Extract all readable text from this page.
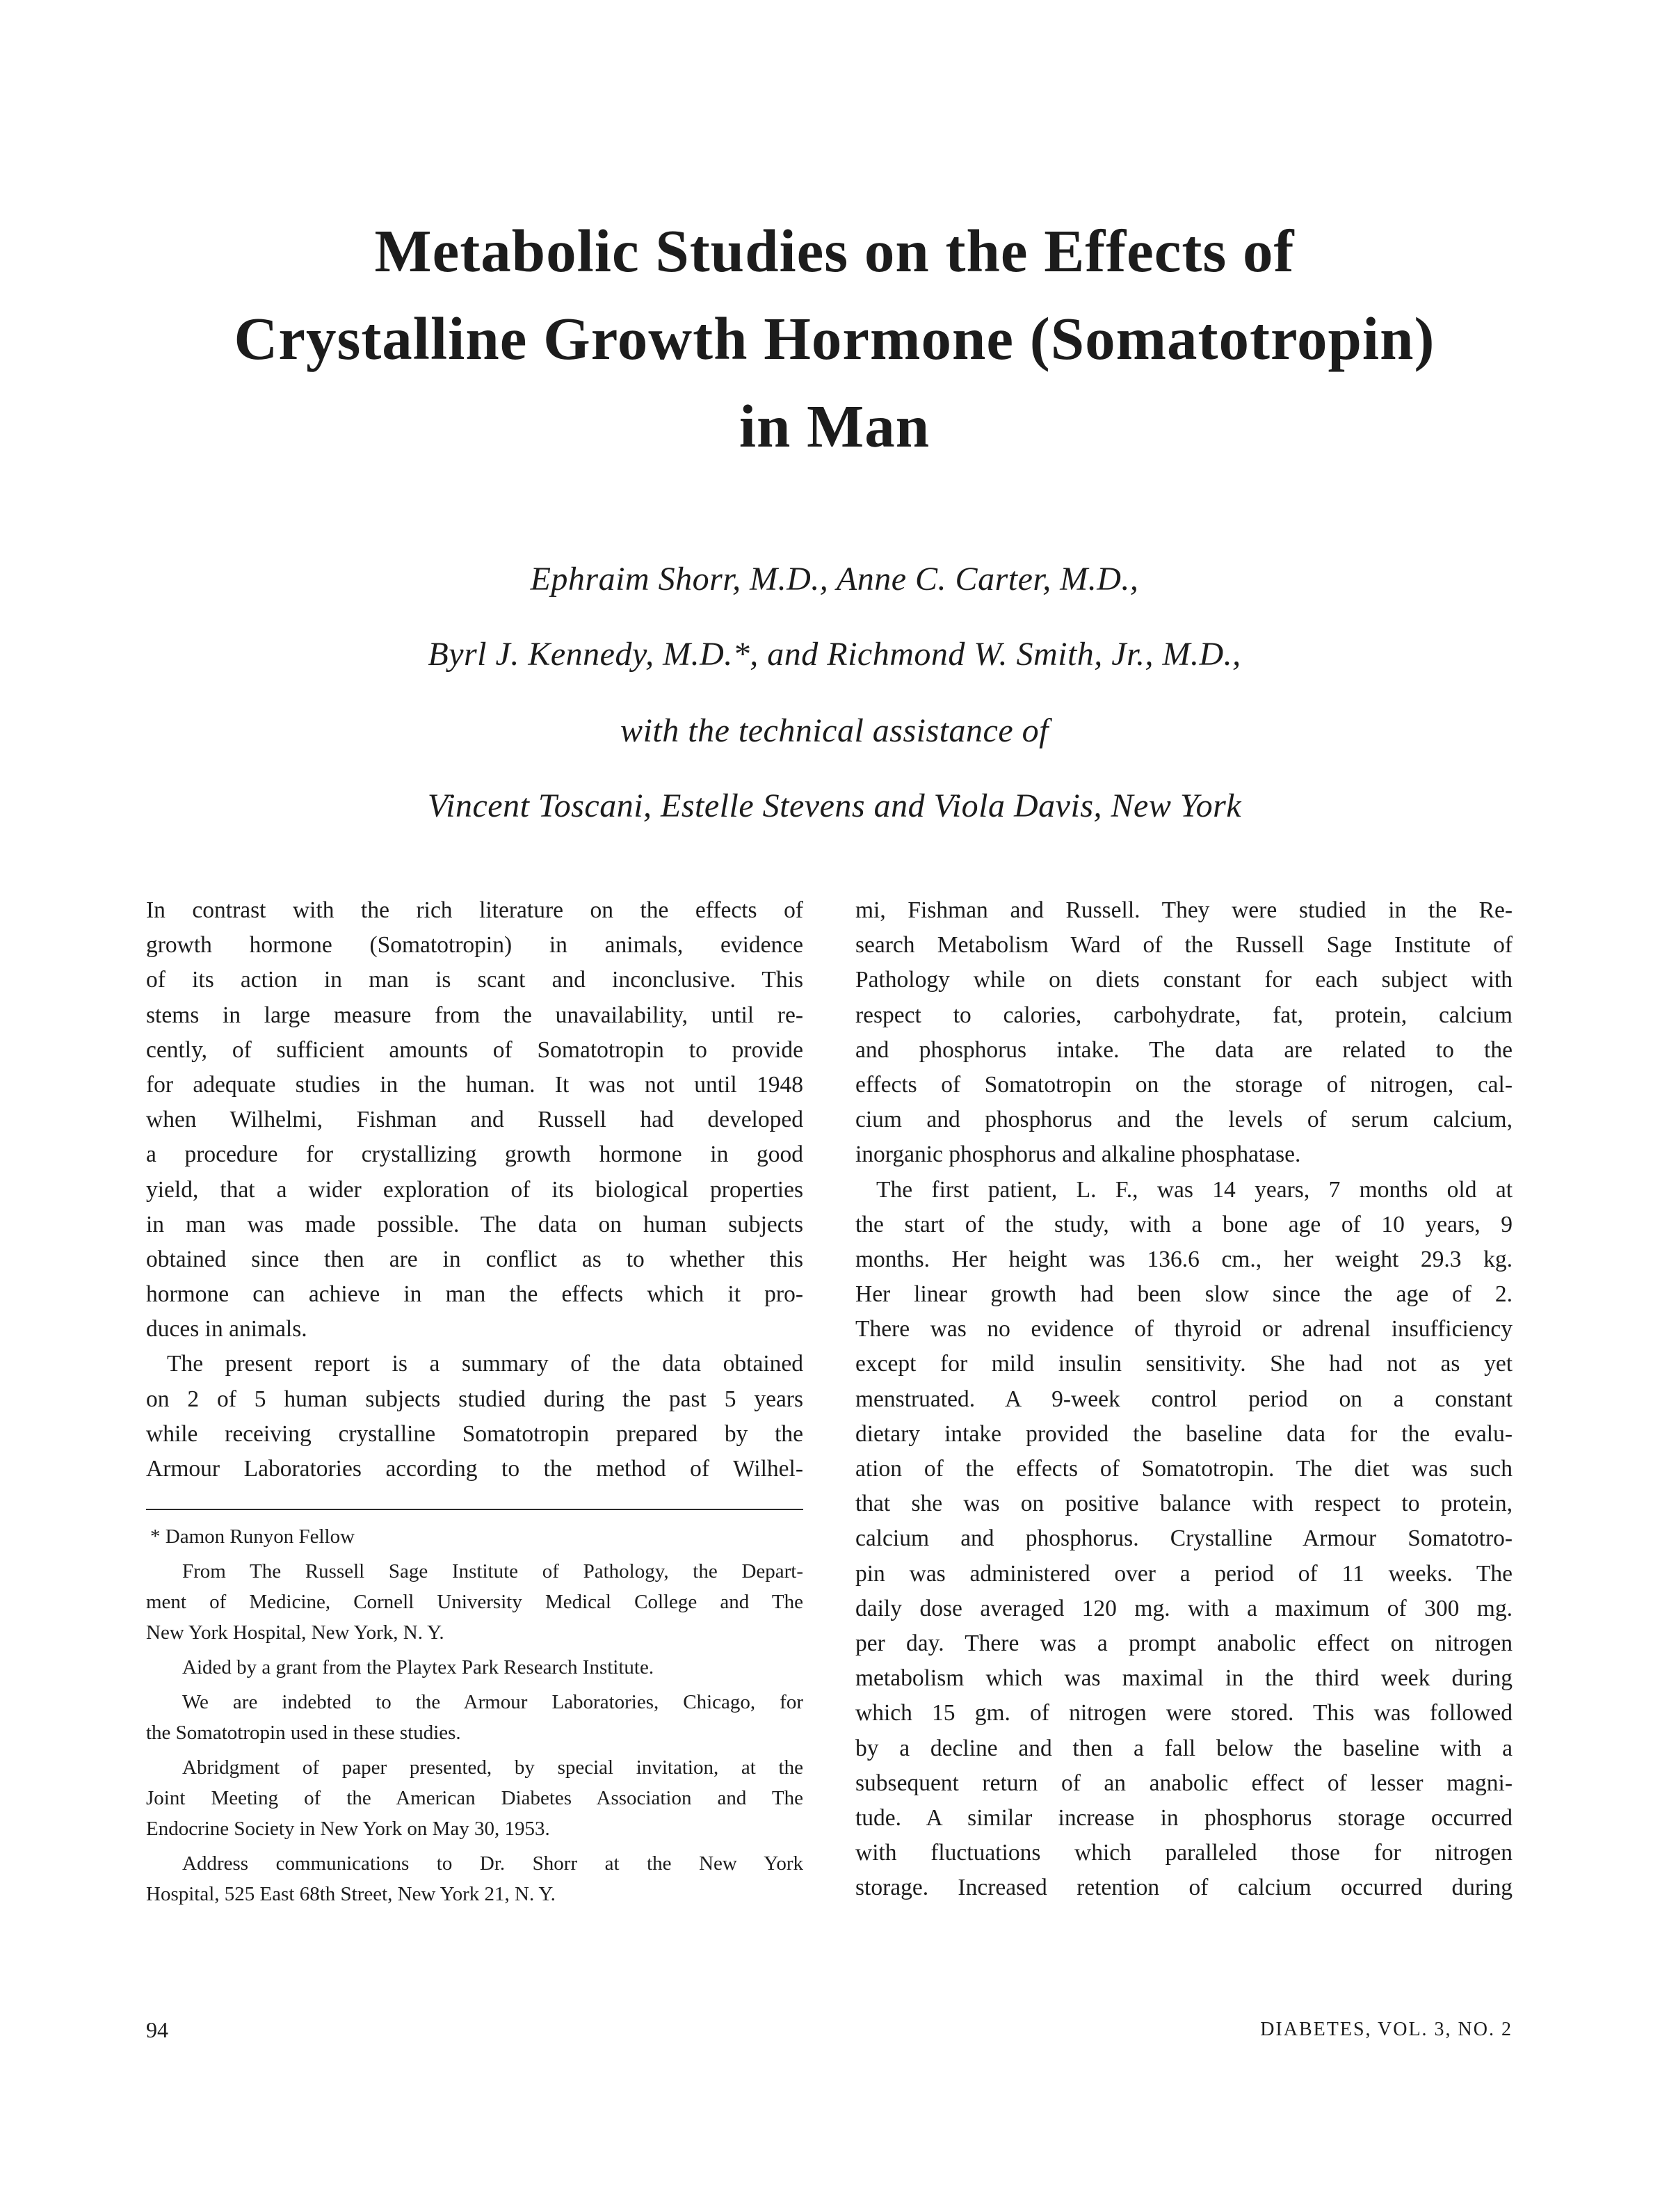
Metabolic Studies on the Effects of
Crystalline Growth Hormone (Somatotropin)
in Man
Ephraim Shorr, M.D., Anne C. Carter, M.D.,
Byrl J. Kennedy, M.D.*, and Richmond W. Smith, Jr., M.D.,
with the technical assistance of
Vincent Toscani, Estelle Stevens and Viola Davis, New York
In contrast with the rich literature on the effects of
growth hormone (Somatotropin) in animals, evidence
of its action in man is scant and inconclusive. This
stems in large measure from the unavailability, until re-
cently, of sufficient amounts of Somatotropin to provide
for adequate studies in the human. It was not until 1948
when Wilhelmi, Fishman and Russell had developed
a procedure for crystallizing growth hormone in good
yield, that a wider exploration of its biological properties
in man was made possible. The data on human subjects
obtained since then are in conflict as to whether this
hormone can achieve in man the effects which it pro-
duces in animals.
The present report is a summary of the data obtained
on 2 of 5 human subjects studied during the past 5 years
while receiving crystalline Somatotropin prepared by the
Armour Laboratories according to the method of Wilhel-
* Damon Runyon Fellow
From The Russell Sage Institute of Pathology, the Depart-
ment of Medicine, Cornell University Medical College and The
New York Hospital, New York, N. Y.
Aided by a grant from the Playtex Park Research Institute.
We are indebted to the Armour Laboratories, Chicago, for
the Somatotropin used in these studies.
Abridgment of paper presented, by special invitation, at the
Joint Meeting of the American Diabetes Association and The
Endocrine Society in New York on May 30, 1953.
Address communications to Dr. Shorr at the New York
Hospital, 525 East 68th Street, New York 21, N. Y.
mi, Fishman and Russell. They were studied in the Re-
search Metabolism Ward of the Russell Sage Institute of
Pathology while on diets constant for each subject with
respect to calories, carbohydrate, fat, protein, calcium
and phosphorus intake. The data are related to the
effects of Somatotropin on the storage of nitrogen, cal-
cium and phosphorus and the levels of serum calcium,
inorganic phosphorus and alkaline phosphatase.
The first patient, L. F., was 14 years, 7 months old at
the start of the study, with a bone age of 10 years, 9
months. Her height was 136.6 cm., her weight 29.3 kg.
Her linear growth had been slow since the age of 2.
There was no evidence of thyroid or adrenal insufficiency
except for mild insulin sensitivity. She had not as yet
menstruated. A 9-week control period on a constant
dietary intake provided the baseline data for the evalu-
ation of the effects of Somatotropin. The diet was such
that she was on positive balance with respect to protein,
calcium and phosphorus. Crystalline Armour Somatotro-
pin was administered over a period of 11 weeks. The
daily dose averaged 120 mg. with a maximum of 300 mg.
per day. There was a prompt anabolic effect on nitrogen
metabolism which was maximal in the third week during
which 15 gm. of nitrogen were stored. This was followed
by a decline and then a fall below the baseline with a
subsequent return of an anabolic effect of lesser magni-
tude. A similar increase in phosphorus storage occurred
with fluctuations which paralleled those for nitrogen
storage. Increased retention of calcium occurred during
94	DIABETES, VOL. 3, NO. 2
